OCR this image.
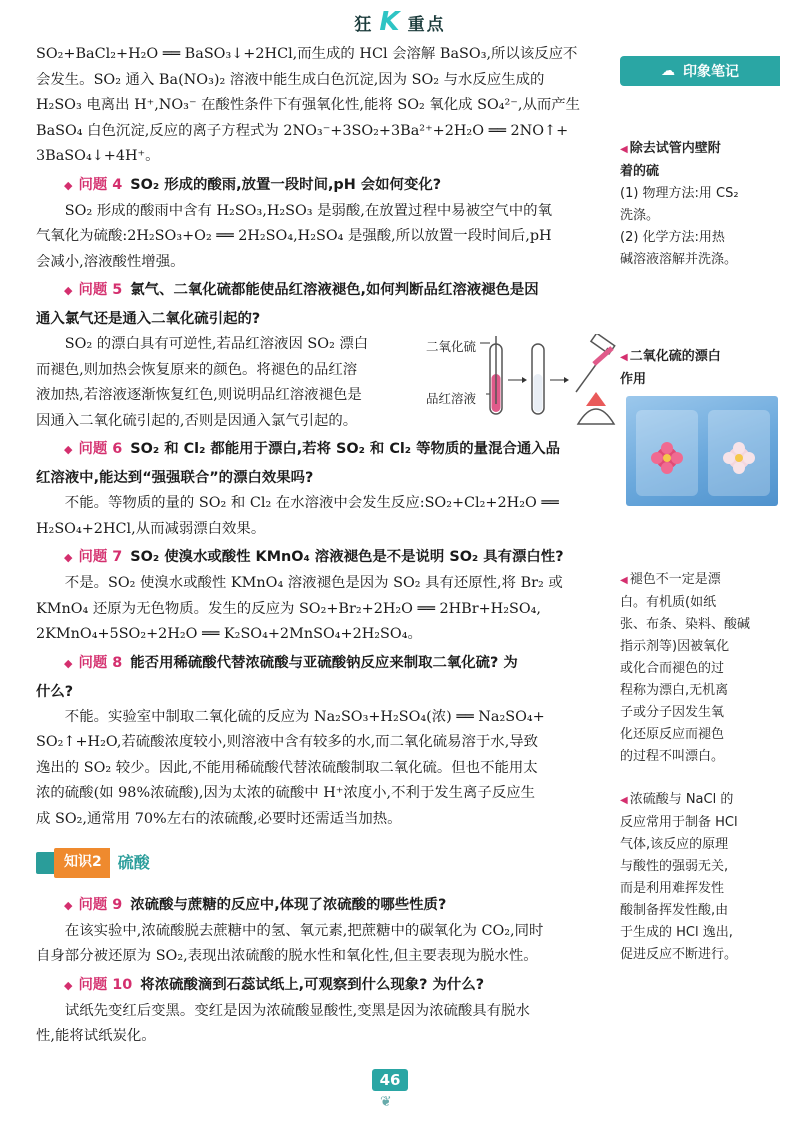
狂 K 重点

SO₂+BaCl₂+H₂O ══ BaSO₃↓+2HCl,而生成的 HCl 会溶解 BaSO₃,所以该反应不

会发生。SO₂ 通入 Ba(NO₃)₂ 溶液中能生成白色沉淀,因为 SO₂ 与水反应生成的

H₂SO₃ 电离出 H⁺,NO₃⁻ 在酸性条件下有强氧化性,能将 SO₂ 氧化成 SO₄²⁻,从而产生

BaSO₄ 白色沉淀,反应的离子方程式为 2NO₃⁻+3SO₂+3Ba²⁺+2H₂O ══ 2NO↑+

3BaSO₄↓+4H⁺。

◆ 问题 4 SO₂ 形成的酸雨,放置一段时间,pH 会如何变化?

SO₂ 形成的酸雨中含有 H₂SO₃,H₂SO₃ 是弱酸,在放置过程中易被空气中的氧

气氧化为硫酸:2H₂SO₃+O₂ ══ 2H₂SO₄,H₂SO₄ 是强酸,所以放置一段时间后,pH

会减小,溶液酸性增强。

◆ 问题 5 氯气、二氧化硫都能使品红溶液褪色,如何判断品红溶液褪色是因
通入氯气还是通入二氧化硫引起的?
二氧化硫
品红溶液

SO₂ 的漂白具有可逆性,若品红溶液因 SO₂ 漂白

而褪色,则加热会恢复原来的颜色。将褪色的品红溶

液加热,若溶液逐渐恢复红色,则说明品红溶液褪色是

因通入二氧化硫引起的,否则是因通入氯气引起的。

◆ 问题 6 SO₂ 和 Cl₂ 都能用于漂白,若将 SO₂ 和 Cl₂ 等物质的量混合通入品
红溶液中,能达到“强强联合”的漂白效果吗?

不能。等物质的量的 SO₂ 和 Cl₂ 在水溶液中会发生反应:SO₂+Cl₂+2H₂O ══

H₂SO₄+2HCl,从而减弱漂白效果。

◆ 问题 7 SO₂ 使溴水或酸性 KMnO₄ 溶液褪色是不是说明 SO₂ 具有漂白性?

不是。SO₂ 使溴水或酸性 KMnO₄ 溶液褪色是因为 SO₂ 具有还原性,将 Br₂ 或

KMnO₄ 还原为无色物质。发生的反应为 SO₂+Br₂+2H₂O ══ 2HBr+H₂SO₄,

2KMnO₄+5SO₂+2H₂O ══ K₂SO₄+2MnSO₄+2H₂SO₄。

◆ 问题 8 能否用稀硫酸代替浓硫酸与亚硫酸钠反应来制取二氧化硫? 为
什么?

不能。实验室中制取二氧化硫的反应为 Na₂SO₃+H₂SO₄(浓) ══ Na₂SO₄+

SO₂↑+H₂O,若硫酸浓度较小,则溶液中含有较多的水,而二氧化硫易溶于水,导致

逸出的 SO₂ 较少。因此,不能用稀硫酸代替浓硫酸制取二氧化硫。但也不能用太

浓的硫酸(如 98%浓硫酸),因为太浓的硫酸中 H⁺浓度小,不利于发生离子反应生

成 SO₂,通常用 70%左右的浓硫酸,必要时还需适当加热。

知识2	硫酸
◆ 问题 9 浓硫酸与蔗糖的反应中,体现了浓硫酸的哪些性质?

在该实验中,浓硫酸脱去蔗糖中的氢、氧元素,把蔗糖中的碳氧化为 CO₂,同时

自身部分被还原为 SO₂,表现出浓硫酸的脱水性和氧化性,但主要表现为脱水性。

◆ 问题 10 将浓硫酸滴到石蕊试纸上,可观察到什么现象? 为什么?

试纸先变红后变黑。变红是因为浓硫酸显酸性,变黑是因为浓硫酸具有脱水

性,能将试纸炭化。

☁ 印象笔记
◀ 除去试管内壁附
着的硫
(1) 物理方法:用 CS₂
洗涤。
(2) 化学方法:用热
碱溶液溶解并洗涤。
◀ 二氧化硫的漂白
作用
◀ 褪色不一定是漂
白。有机质(如纸
张、布条、染料、酸碱
指示剂等)因被氧化
或化合而褪色的过
程称为漂白,无机离
子或分子因发生氧
化还原反应而褪色
的过程不叫漂白。
◀ 浓硫酸与 NaCl 的
反应常用于制备 HCl
气体,该反应的原理
与酸性的强弱无关,
而是利用难挥发性
酸制备挥发性酸,由
于生成的 HCl 逸出,
促进反应不断进行。
46
❦
